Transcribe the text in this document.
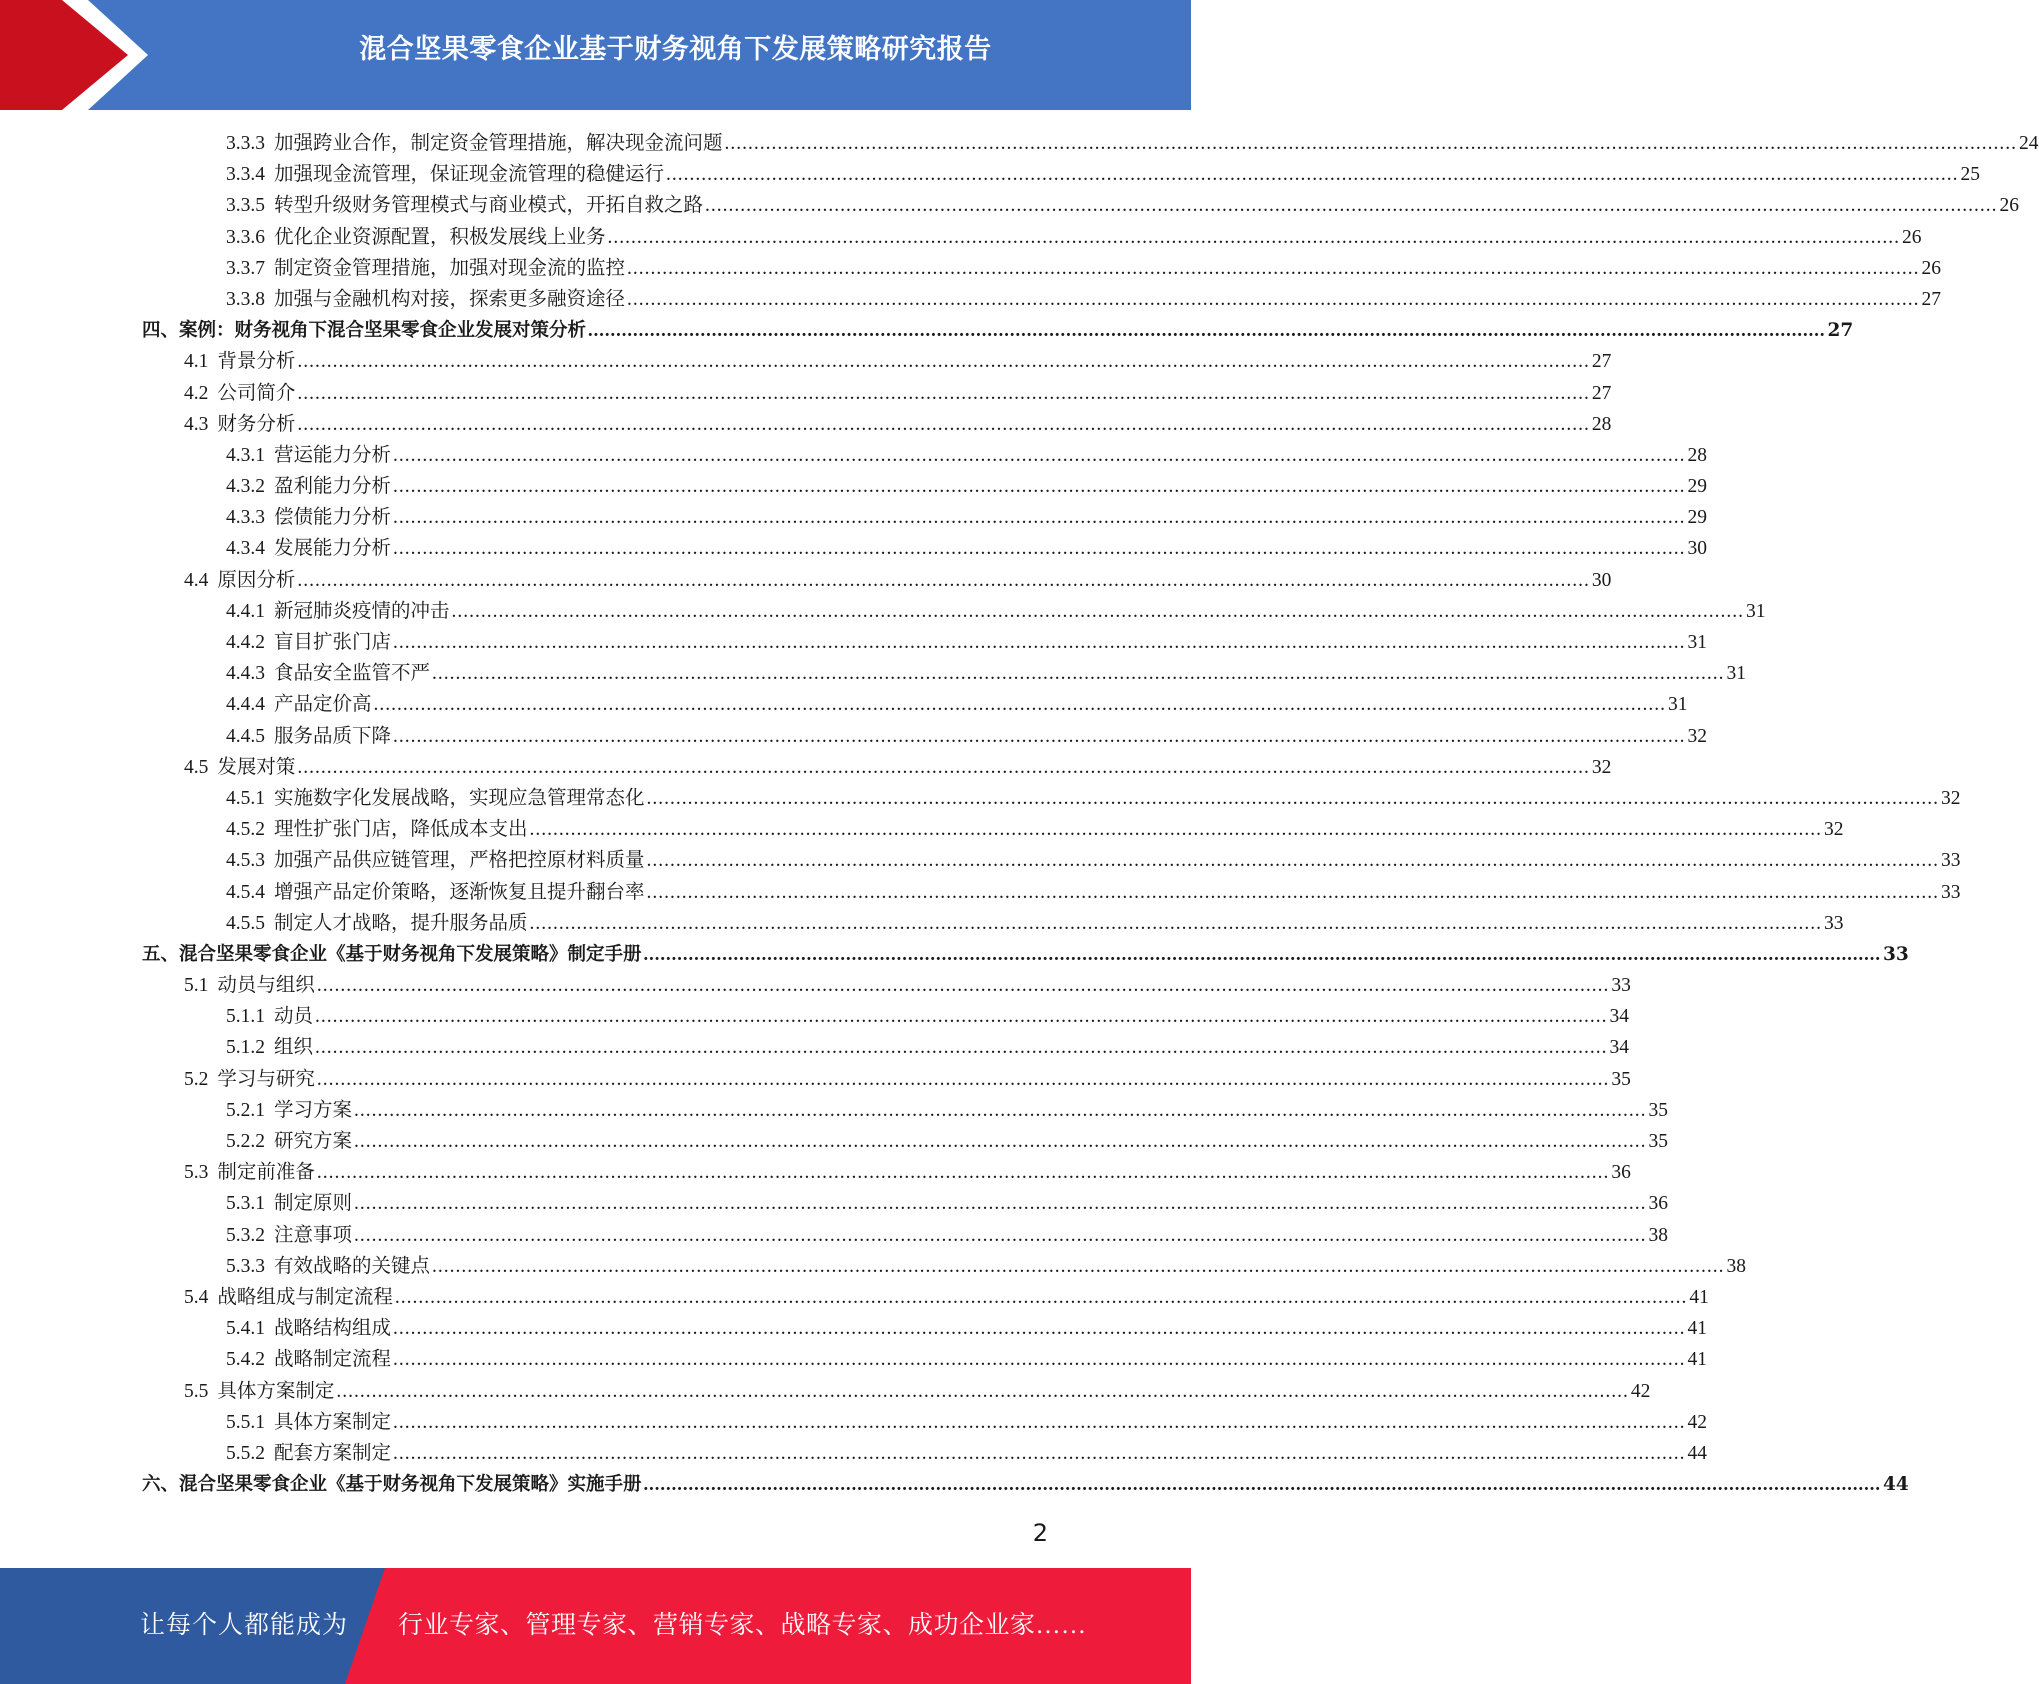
混合坚果零食企业基于财务视角下发展策略研究报告
3.3.3 加强跨业合作，制定资金管理措施，解决现金流问题 ............................................................................................................................................................................................................................ 24
3.3.4 加强现金流管理，保证现金流管理的稳健运行 ............................................................................................................................................................................................................................ 25
3.3.5 转型升级财务管理模式与商业模式，开拓自救之路 ............................................................................................................................................................................................................................ 26
3.3.6 优化企业资源配置，积极发展线上业务 ............................................................................................................................................................................................................................ 26
3.3.7 制定资金管理措施，加强对现金流的监控 ............................................................................................................................................................................................................................ 26
3.3.8 加强与金融机构对接，探索更多融资途径 ............................................................................................................................................................................................................................ 27
四、 案例：财务视角下混合坚果零食企业发展对策分析 ............................................................................................................................................................................................................................ 27
4.1 背景分析 ............................................................................................................................................................................................................................ 27
4.2 公司简介 ............................................................................................................................................................................................................................ 27
4.3 财务分析 ............................................................................................................................................................................................................................ 28
4.3.1 营运能力分析 ............................................................................................................................................................................................................................ 28
4.3.2 盈利能力分析 ............................................................................................................................................................................................................................ 29
4.3.3 偿债能力分析 ............................................................................................................................................................................................................................ 29
4.3.4 发展能力分析 ............................................................................................................................................................................................................................ 30
4.4 原因分析 ............................................................................................................................................................................................................................ 30
4.4.1 新冠肺炎疫情的冲击 ............................................................................................................................................................................................................................ 31
4.4.2 盲目扩张门店 ............................................................................................................................................................................................................................ 31
4.4.3 食品安全监管不严 ............................................................................................................................................................................................................................ 31
4.4.4 产品定价高 ............................................................................................................................................................................................................................ 31
4.4.5 服务品质下降 ............................................................................................................................................................................................................................ 32
4.5 发展对策 ............................................................................................................................................................................................................................ 32
4.5.1 实施数字化发展战略，实现应急管理常态化 ............................................................................................................................................................................................................................ 32
4.5.2 理性扩张门店，降低成本支出 ............................................................................................................................................................................................................................ 32
4.5.3 加强产品供应链管理，严格把控原材料质量 ............................................................................................................................................................................................................................ 33
4.5.4 增强产品定价策略，逐渐恢复且提升翻台率 ............................................................................................................................................................................................................................ 33
4.5.5 制定人才战略，提升服务品质 ............................................................................................................................................................................................................................ 33
五、 混合坚果零食企业《基于财务视角下发展策略》制定手册 ............................................................................................................................................................................................................................ 33
5.1 动员与组织 ............................................................................................................................................................................................................................ 33
5.1.1 动员 ............................................................................................................................................................................................................................ 34
5.1.2 组织 ............................................................................................................................................................................................................................ 34
5.2 学习与研究 ............................................................................................................................................................................................................................ 35
5.2.1 学习方案 ............................................................................................................................................................................................................................ 35
5.2.2 研究方案 ............................................................................................................................................................................................................................ 35
5.3 制定前准备 ............................................................................................................................................................................................................................ 36
5.3.1 制定原则 ............................................................................................................................................................................................................................ 36
5.3.2 注意事项 ............................................................................................................................................................................................................................ 38
5.3.3 有效战略的关键点 ............................................................................................................................................................................................................................ 38
5.4 战略组成与制定流程 ............................................................................................................................................................................................................................ 41
5.4.1 战略结构组成 ............................................................................................................................................................................................................................ 41
5.4.2 战略制定流程 ............................................................................................................................................................................................................................ 41
5.5 具体方案制定 ............................................................................................................................................................................................................................ 42
5.5.1 具体方案制定 ............................................................................................................................................................................................................................ 42
5.5.2 配套方案制定 ............................................................................................................................................................................................................................ 44
六、 混合坚果零食企业《基于财务视角下发展策略》实施手册 ............................................................................................................................................................................................................................ 44
2
让每个人都能成为 行业专家、管理专家、营销专家、战略专家、成功企业家……
